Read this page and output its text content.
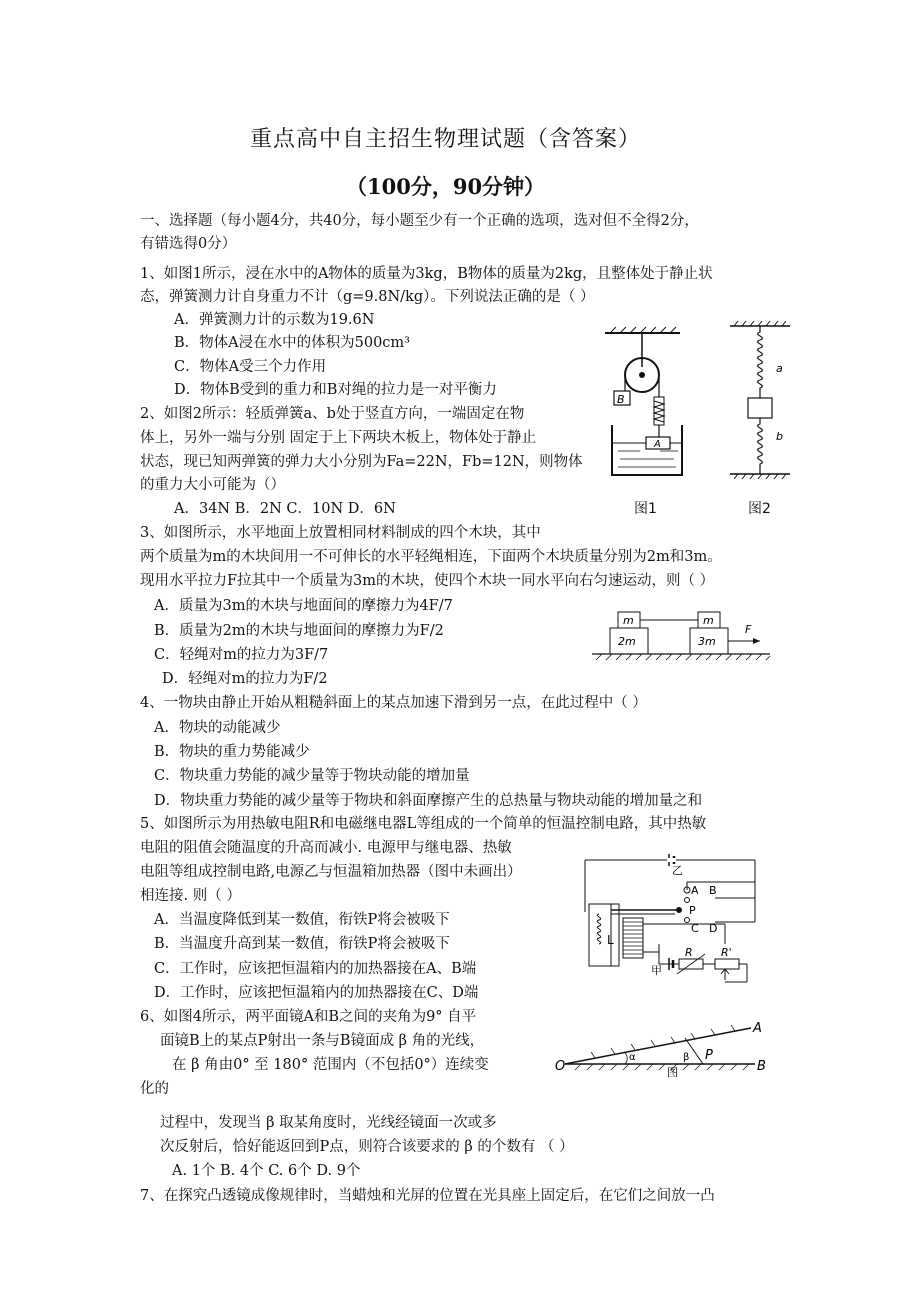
重点高中自主招生物理试题（含答案）
（100分，90分钟）
一、选择题（每小题4分，共40分，每小题至少有一个正确的选项，选对但不全得2分，
有错选得0分）
1、如图1所示，浸在水中的A物体的质量为3kg，B物体的质量为2kg，且整体处于静止状
态，弹簧测力计自身重力不计（g=9.8N/kg）。下列说法正确的是（ ）
A．弹簧测力计的示数为19.6N
B．物体A浸在水中的体积为500cm³
C．物体A受三个力作用
D．物体B受到的重力和B对绳的拉力是一对平衡力
2、如图2所示：轻质弹簧a、b处于竖直方向，一端固定在物
体上，另外一端与分别 固定于上下两块木板上，物体处于静止
状态，现已知两弹簧的弹力大小分别为Fa=22N，Fb=12N，则物体
的重力大小可能为（）
A．34N B．2N C．10N D．6N
B
A
a
b
图1	图2
3、如图所示，水平地面上放置相同材料制成的四个木块，其中
两个质量为m的木块间用一不可伸长的水平轻绳相连，下面两个木块质量分别为2m和3m。
现用水平拉力F拉其中一个质量为3m的木块，使四个木块一同水平向右匀速运动，则（ ）
A．质量为3m的木块与地面间的摩擦力为4F/7
B．质量为2m的木块与地面间的摩擦力为F/2
C．轻绳对m的拉力为3F/7
D．轻绳对m的拉力为F/2
m	m
2m	3m
F
4、一物块由静止开始从粗糙斜面上的某点加速下滑到另一点，在此过程中（ ）
A．物块的动能减少
B．物块的重力势能减少
C．物块重力势能的减少量等于物块动能的增加量
D．物块重力势能的减少量等于物块和斜面摩擦产生的总热量与物块动能的增加量之和
5、如图所示为用热敏电阻R和电磁继电器L等组成的一个简单的恒温控制电路，其中热敏
电阻的阻值会随温度的升高而减小. 电源甲与继电器、热敏
电阻等组成控制电路,电源乙与恒温箱加热器（图中未画出）
相连接. 则（ ）
A．当温度降低到某一数值，衔铁P将会被吸下
B．当温度升高到某一数值，衔铁P将会被吸下
C．工作时，应该把恒温箱内的加热器接在A、B端
D．工作时，应该把恒温箱内的加热器接在C、D端
乙
L
A
P
C
B
D
R	R'
甲
6、如图4所示，两平面镜A和B之间的夹角为9° 自平
面镜B上的某点P射出一条与B镜面成 β 角的光线，
在 β 角由0° 至 180° 范围内（不包括0°）连续变
化的
过程中，发现当 β 取某角度时，光线经镜面一次或多
次反射后，恰好能返回到P点，则符合该要求的 β 的个数有 （ ）
A. 1个 B. 4个 C. 6个 D. 9个
α	β P
O
A
B
图
7、在探究凸透镜成像规律时，当蜡烛和光屏的位置在光具座上固定后，在它们之间放一凸
